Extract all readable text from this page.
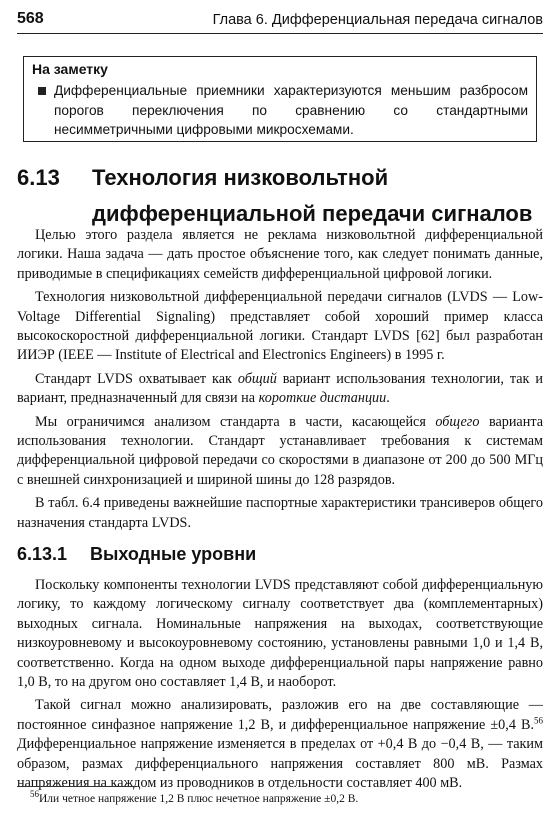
568	Глава 6. Дифференциальная передача сигналов
На заметку
Дифференциальные приемники характеризуются меньшим разбросом порогов переключения по сравнению со стандартными несимметричными цифровыми микросхемами.
6.13 Технология низковольтной дифференциальной передачи сигналов

Целью этого раздела является не реклама низковольтной дифференциальной логики. Наша задача — дать простое объяснение того, как следует понимать данные, приводимые в спецификациях семейств дифференциальной цифровой логики.

Технология низковольтной дифференциальной передачи сигналов (LVDS — Low-Voltage Differential Signaling) представляет собой хороший пример класса высокоскоростной дифференциальной логики. Стандарт LVDS [62] был разработан ИИЭР (IEEE — Institute of Electrical and Electronics Engineers) в 1995 г.

Стандарт LVDS охватывает как общий вариант использования технологии, так и вариант, предназначенный для связи на короткие дистанции.

Мы ограничимся анализом стандарта в части, касающейся общего варианта использования технологии. Стандарт устанавливает требования к системам дифференциальной цифровой передачи со скоростями в диапазоне от 200 до 500 МГц с внешней синхронизацией и шириной шины до 128 разрядов.

В табл. 6.4 приведены важнейшие паспортные характеристики трансиверов общего назначения стандарта LVDS.

6.13.1 Выходные уровни

Поскольку компоненты технологии LVDS представляют собой дифференциальную логику, то каждому логическому сигналу соответствует два (комплементарных) выходных сигнала. Номинальные напряжения на выходах, соответствующие низкоуровневому и высокоуровневому состоянию, установлены равными 1,0 и 1,4 В, соответственно. Когда на одном выходе дифференциальной пары напряжение равно 1,0 В, то на другом оно составляет 1,4 В, и наоборот.

Такой сигнал можно анализировать, разложив его на две составляющие — постоянное синфазное напряжение 1,2 В, и дифференциальное напряжение ±0,4 В.$^{56}$ Дифференциальное напряжение изменяется в пределах от +0,4 В до −0,4 В, — таким образом, размах дифференциального напряжения составляет 800 мВ. Размах напряжения на каждом из проводников в отдельности составляет 400 мВ.

$^{56}$Или четное напряжение 1,2 В плюс нечетное напряжение ±0,2 В.
